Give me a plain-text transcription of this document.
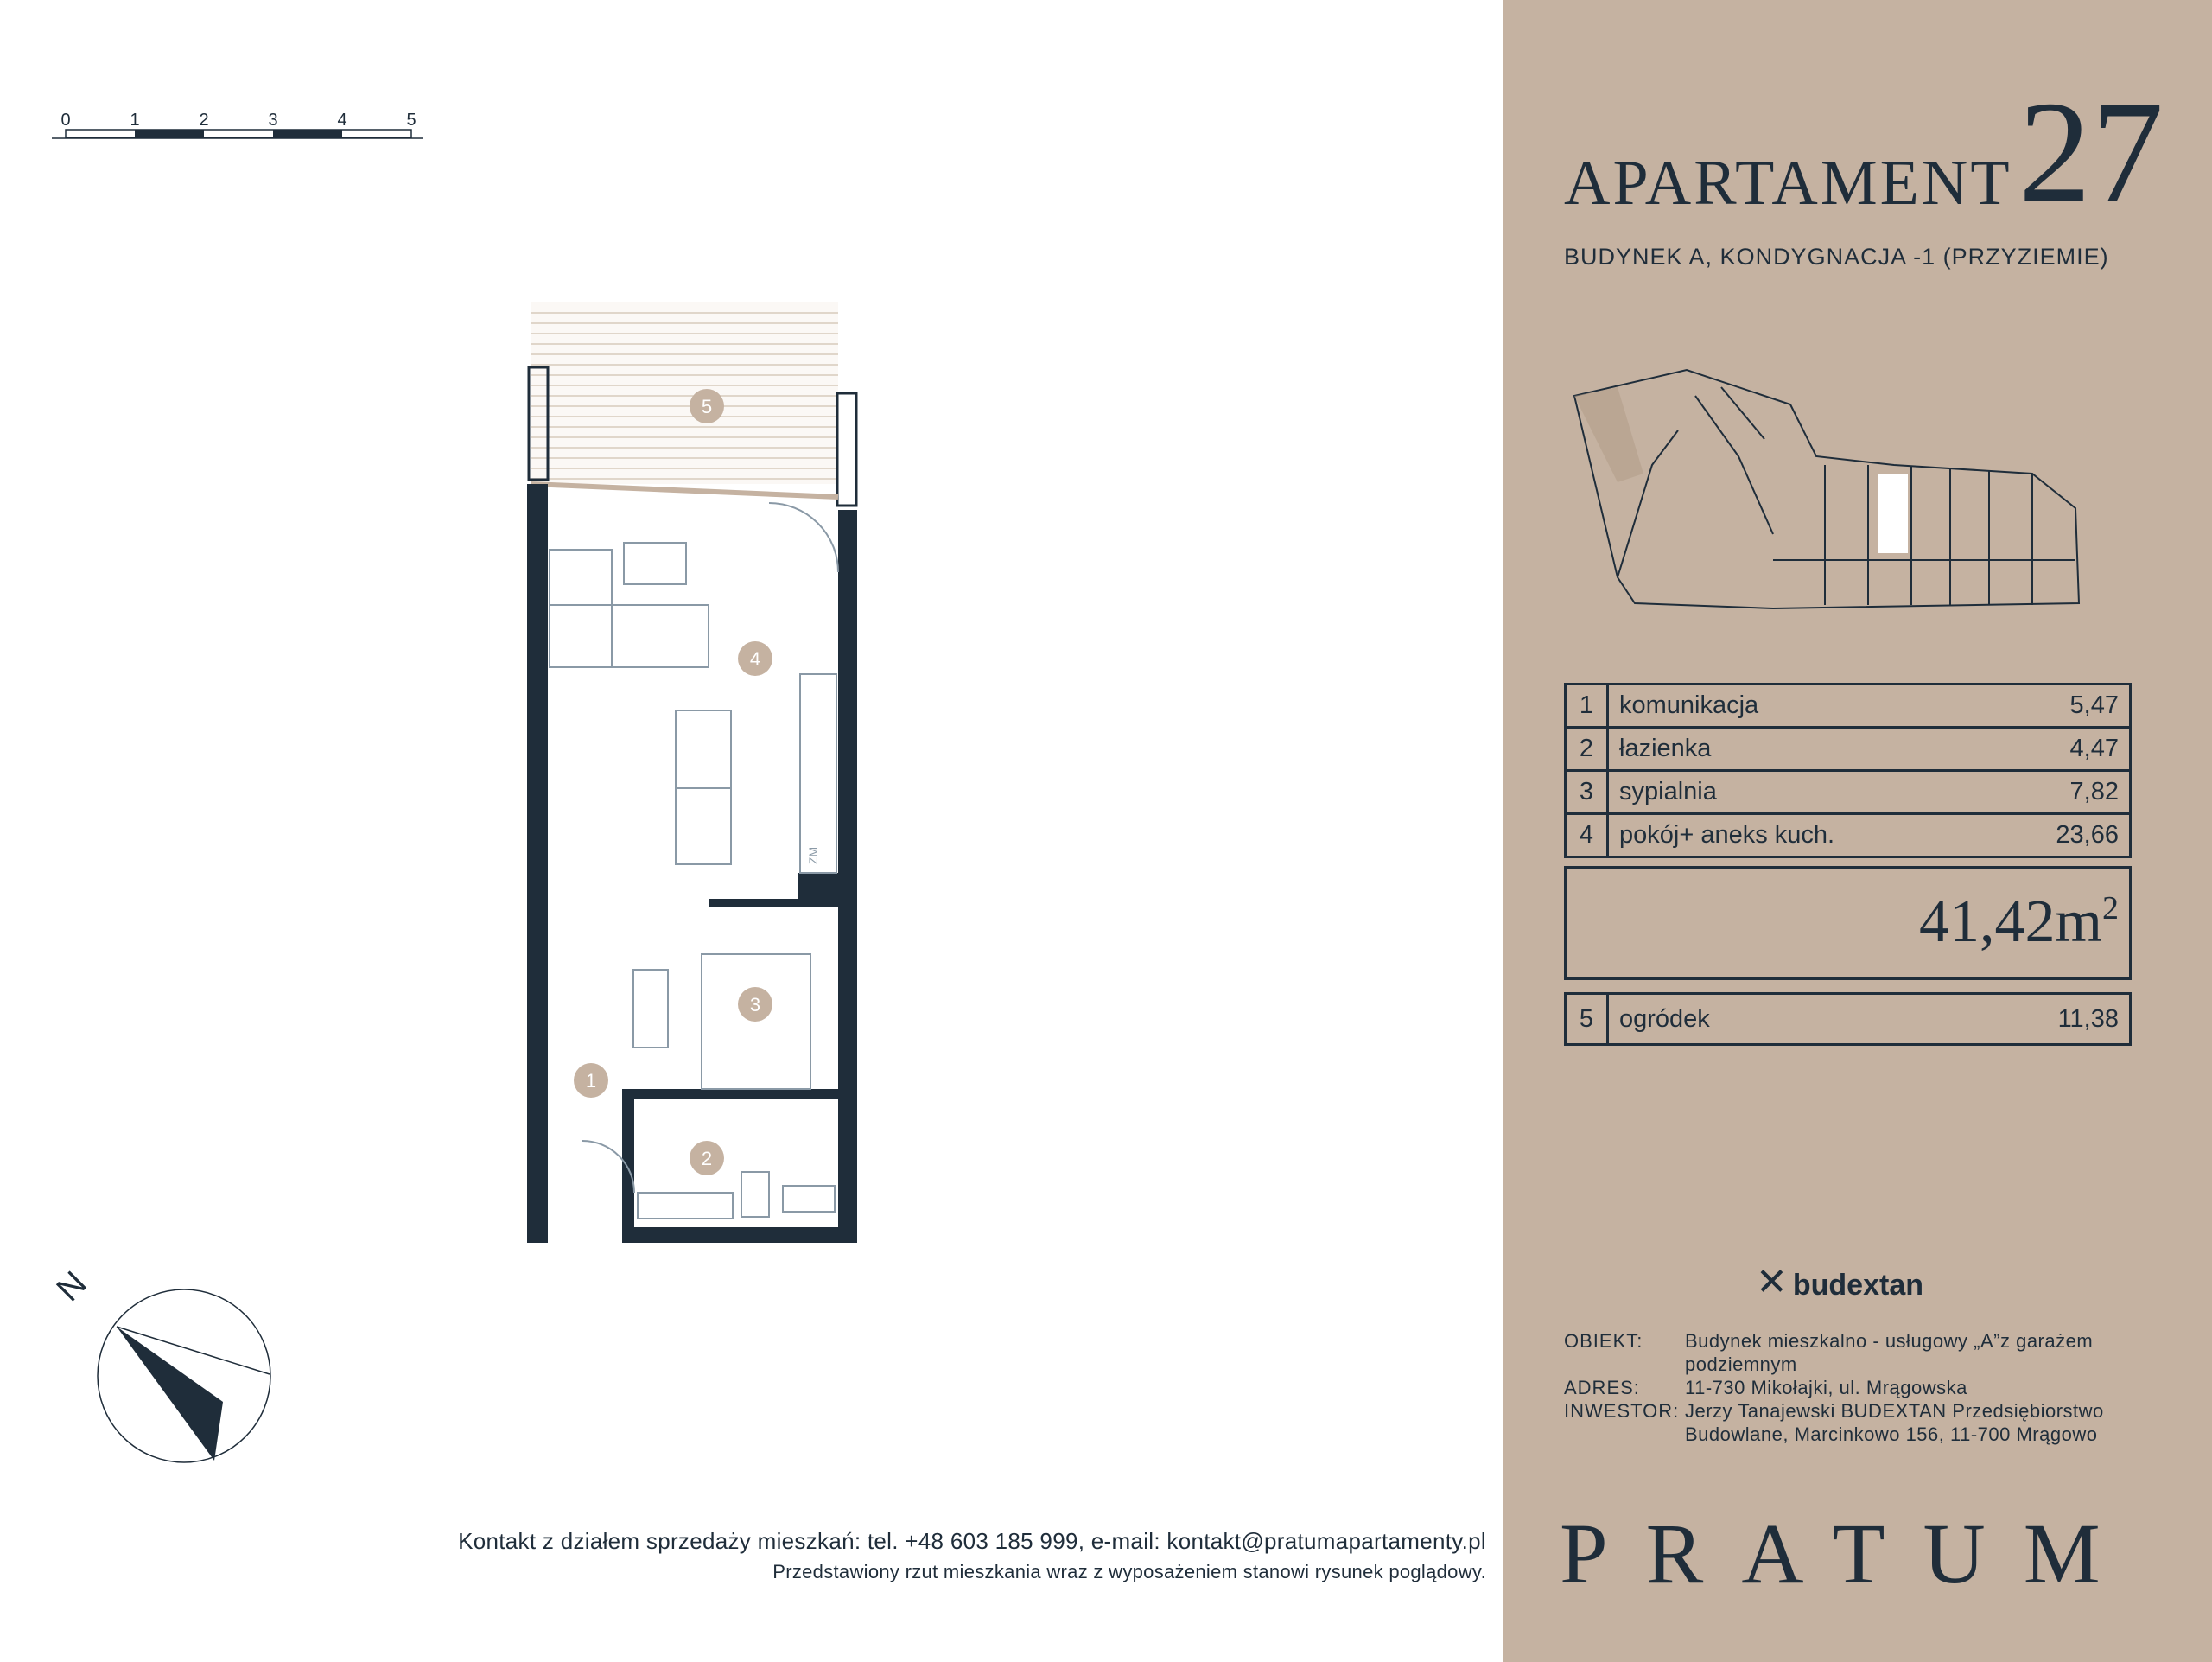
0	1	2	3	4	5
ZM
5
4
3
1
2
N
Kontakt z działem sprzedaży mieszkań: tel. +48 603 185 999, e-mail: kontakt@pratumapartamenty.pl
Przedstawiony rzut mieszkania wraz z wyposażeniem stanowi rysunek poglądowy.
APARTAMENT 27
BUDYNEK A, KONDYGNACJA -1 (PRZYZIEMIE)
1	komunikacja	5,47
2	łazienka	4,47
3	sypialnia	7,82
4	pokój+ aneks kuch.	23,66
$41,42m^2$
5	ogródek	11,38
✕ budextan
OBIEKT:	Budynek mieszkalno - usługowy „A”z garażem podziemnym
ADRES:	11-730 Mikołajki, ul. Mrągowska
INWESTOR: Jerzy Tanajewski BUDEXTAN Przedsiębiorstwo Budowlane, Marcinkowo 156, 11-700 Mrągowo
PRATUM
